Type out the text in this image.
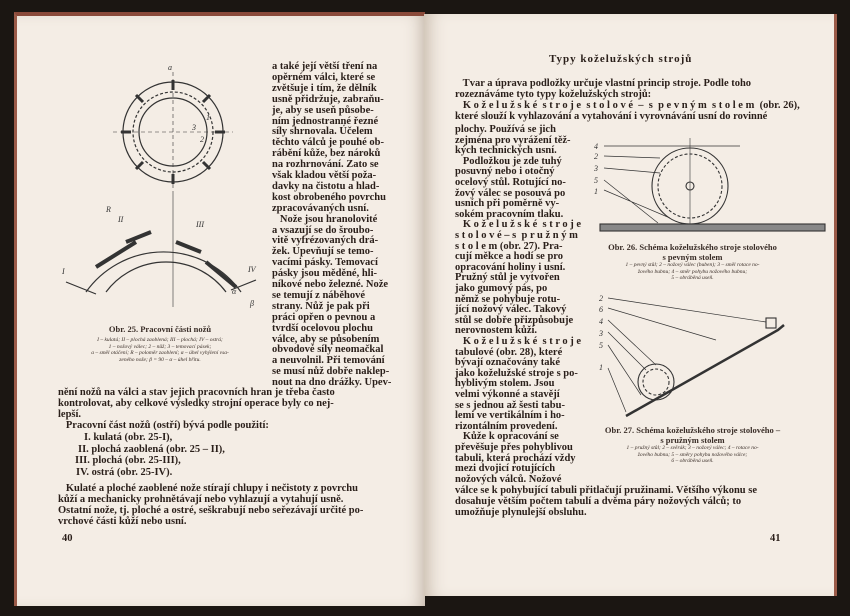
a
1
2
3
I
II
III
IV
R
α
β
Obr. 25. Pracovní části nožů
I – kulatá; II – plochá zaoblená; III – plochá; IV – ostrá;
1 – nožový válec; 2 – nůž; 3 – temovací pásek;
a – směl otáčení; R – poloměr zaoblení; α – úhel vyhýlení vsa-
zeného nože; β = 90 – α – úhel břitu.
4
2
3
5
1
Obr. 26. Schéma koželužského stroje stolového
s pevným stolem
1 – pevný stůl; 2 – nožový válec (buben); 3 – směl rotace no-
žového bubnu; 4 – směr pohybu nožového bubnu;
5 – obráběná useň.
2
6
4
3
5
1
Obr. 27. Schéma koželužského stroje stolového –
s pružným stolem
1 – pružný stůl; 2 – svěrák; 3 – nožový válec; 4 – rotace no-
žového bubnu; 5 – směry pohybu nožového válce;
6 – obráběná useň.
Typy koželužských strojů
40	41
a také její větší tření na
opěrném válci, které se
zvětšuje i tím, že dělník
usně přidržuje, zabraňu-
je, aby se useň působe-
ním jednostranné řezné
síly shrnovala. Účelem
těchto válců je pouhé ob-
rábění kůže, bez nároků
na rozhrnování. Zato se
však kladou větší poža-
davky na čistotu a hlad-
kost obrobeného povrchu
zpracovávaných usní.
Nože jsou hranolovité
a vsazují se do šroubo-
vitě vyfrézovaných drá-
žek. Upevňují se temo-
vacími pásky. Temovací
pásky jsou měděné, hli-
níkové nebo železné. Nože
se temují z náběhové
strany. Nůž je pak při
práci opřen o pevnou a
tvrdší ocelovou plochu
válce, aby se působením
obvodové síly neomačkal
a neuvolnil. Při temování
se musí nůž dobře naklep-
nout na dno drážky. Upev-
nění nožů na válci a stav jejich pracovních hran je třeba často
kontrolovat, aby celkové výsledky strojní operace byly co nej-
lepší.
Pracovní část nožů (ostří) bývá podle použití:
I. kulatá (obr. 25-I),
II. plochá zaoblená (obr. 25 – II),
III. plochá (obr. 25-III),
IV. ostrá (obr. 25-IV).
Kulaté a ploché zaoblené nože stírají chlupy i nečistoty z povrchu
kůží a mechanicky prohnětávají nebo vyhlazují a vytahují usně.
Ostatní nože, tj. ploché a ostré, seškrabují nebo seřezávají určité po-
vrchové části kůží nebo usní.
Tvar a úprava podložky určuje vlastní princip stroje. Podle toho
rozeznáváme tyto typy koželužských strojů:
K o ž e l u ž s k é  s t r o j e  s t o l o v é  –  s  p e v n ý m  s t o l e m  (obr. 26),
které slouží k vyhlazování a vytahování i vyrovnávání usní do rovinné
plochy. Používá se jich
zejména pro vyrážení těž-
kých technických usní.
Podložkou je zde tuhý
posuvný nebo i otočný
ocelový stůl. Rotující no-
žový válec se posouvá po
usních při poměrně vy-
sokém pracovním tlaku.
K o ž e l u ž s k é  s t r o j e
s t o l o v é – s  p r u ž n ý m
s t o l e m (obr. 27). Pra-
cují měkce a hodí se pro
opracování holiny i usní.
Pružný stůl je vytvořen
jako gumový pás, po
němž se pohybuje rotu-
jící nožový válec. Takový
stůl se dobře přizpůsobuje
nerovnostem kůží.
K o ž e l u ž s k é  s t r o j e
tabulové (obr. 28), které
bývají označovány také
jako koželužské stroje s po-
hyblivým stolem. Jsou
velmi výkonné a stavějí
se s jednou až šesti tabu-
lemi ve vertikálním i ho-
rizontálním provedení.
Kůže k opracování se
převěšuje přes pohyblivou
tabuli, která prochází vždy
mezi dvojicí rotujících
nožových válců. Nožové
válce se k pohybující tabuli přitlačují pružinami. Většího výkonu se
dosahuje větším počtem tabulí a dvěma páry nožových válců; to
umožňuje plynulejší obsluhu.
